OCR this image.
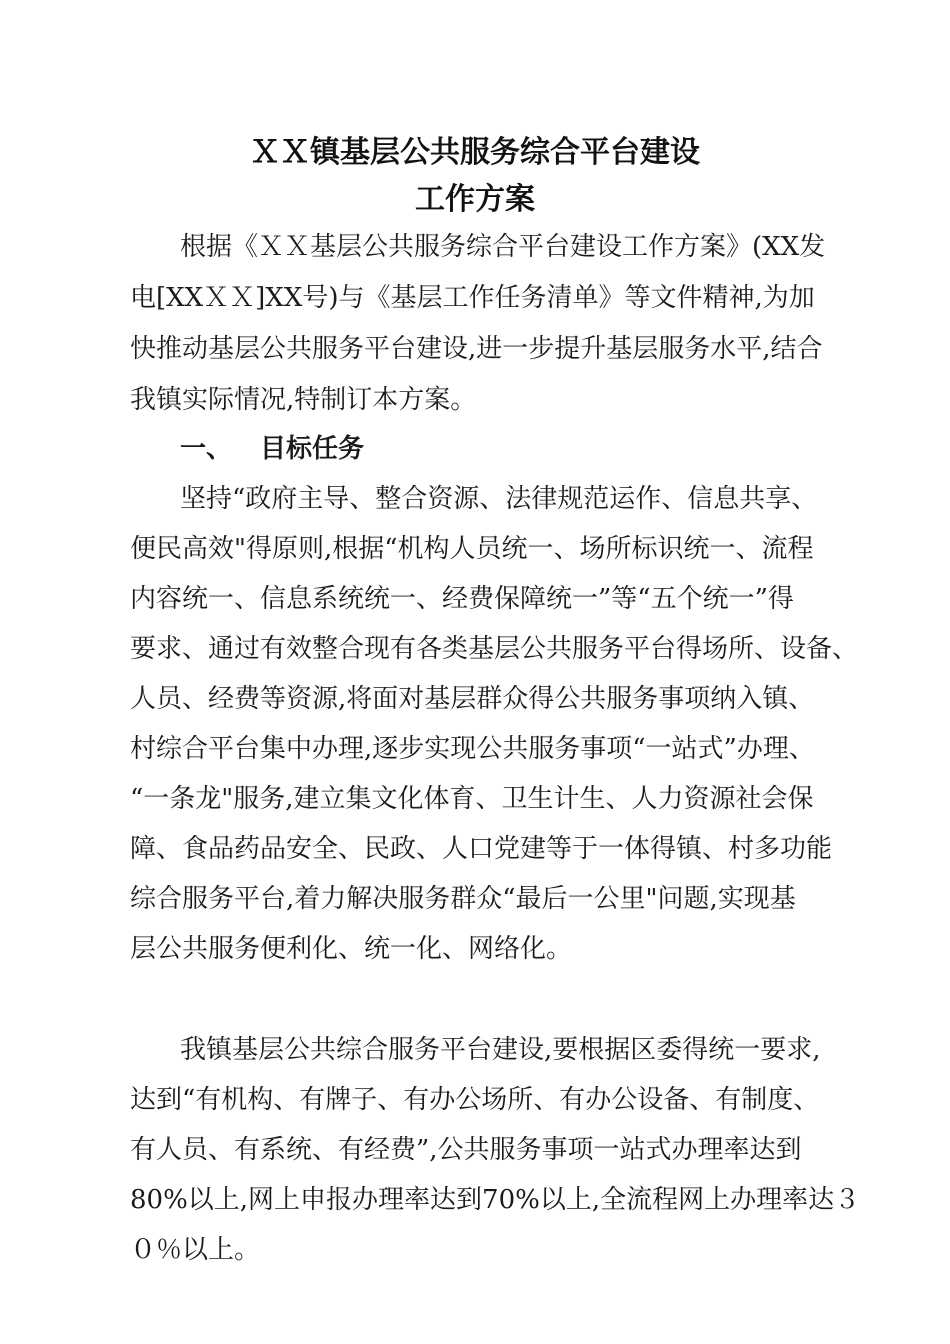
ＸＸ镇基层公共服务综合平台建设
工作方案

根据《ＸＸ基层公共服务综合平台建设工作方案》(XX发

电[XXＸＸ]XX号)与《基层工作任务清单》等文件精神,为加

快推动基层公共服务平台建设,进一步提升基层服务水平,结合

我镇实际情况,特制订本方案。

一、 目标任务

坚持“政府主导、整合资源、法律规范运作、信息共享、

便民高效"得原则,根据“机构人员统一、场所标识统一、流程

内容统一、信息系统统一、经费保障统一”等“五个统一”得

要求、通过有效整合现有各类基层公共服务平台得场所、设备、

人员、经费等资源,将面对基层群众得公共服务事项纳入镇、

村综合平台集中办理,逐步实现公共服务事项“一站式”办理、

“一条龙"服务,建立集文化体育、卫生计生、人力资源社会保

障、食品药品安全、民政、人口党建等于一体得镇、村多功能

综合服务平台,着力解决服务群众“最后一公里"问题,实现基

层公共服务便利化、统一化、网络化。

我镇基层公共综合服务平台建设,要根据区委得统一要求,

达到“有机构、有牌子、有办公场所、有办公设备、有制度、

有人员、有系统、有经费”,公共服务事项一站式办理率达到

80%以上,网上申报办理率达到70%以上,全流程网上办理率达３

０％以上。
